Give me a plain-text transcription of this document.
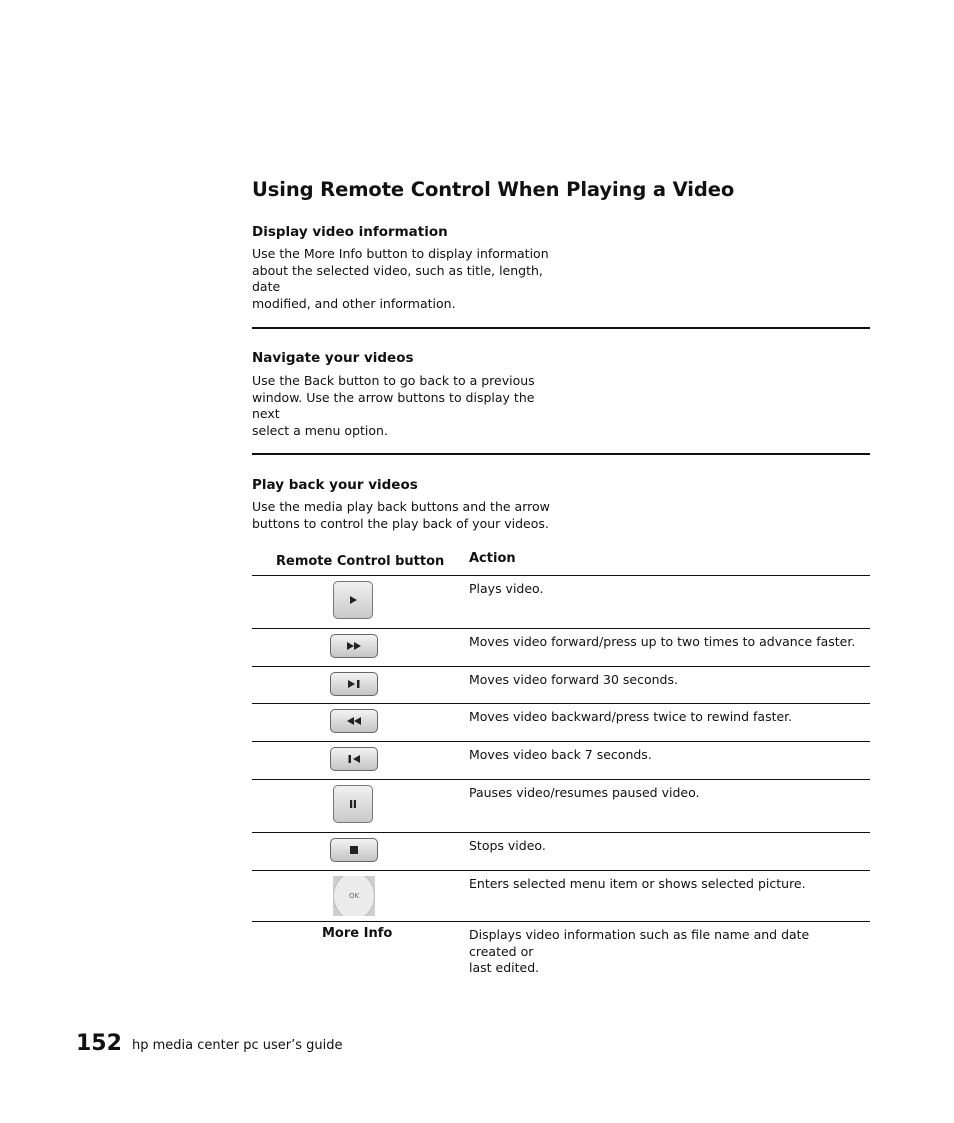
Using Remote Control When Playing a Video
Display video information
Use the More Info button to display information
about the selected video, such as title, length, date
modified, and other information.
Navigate your videos
Use the Back button to go back to a previous
window. Use the arrow buttons to display the next
select a menu option.
Play back your videos
Use the media play back buttons and the arrow
buttons to control the play back of your videos.
Remote Control button Action
Plays video.
Moves video forward/press up to two times to advance faster.
Moves video forward 30 seconds.
Moves video backward/press twice to rewind faster.
Moves video back 7 seconds.
Pauses video/resumes paused video.
Stops video.
OK
Enters selected menu item or shows selected picture.
More Info	Displays video information such as file name and date created or
last edited.
152 hp media center pc user’s guide
